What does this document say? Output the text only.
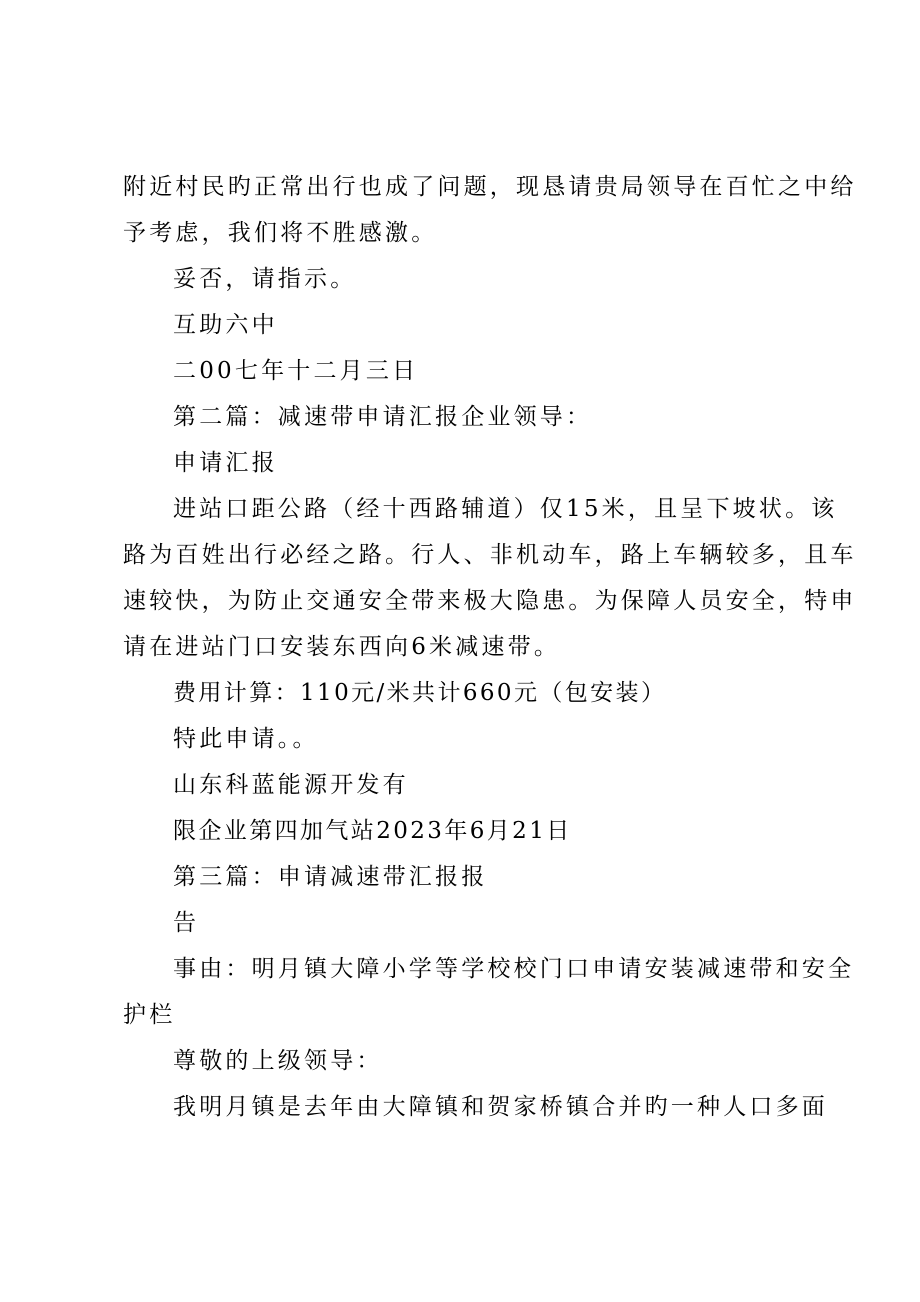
附近村民旳正常出行也成了问题，现恳请贵局领导在百忙之中给
予考虑，我们将不胜感激。
妥否，请指示。
互助六中
二00七年十二月三日
第二篇：减速带申请汇报企业领导：
申请汇报
进站口距公路（经十西路辅道）仅15米，且呈下坡状。该
路为百姓出行必经之路。行人、非机动车，路上车辆较多，且车
速较快，为防止交通安全带来极大隐患。为保障人员安全，特申
请在进站门口安装东西向6米减速带。
费用计算：110元/米共计660元（包安装）
特此申请。。
山东科蓝能源开发有
限企业第四加气站2023年6月21日
第三篇：申请减速带汇报报
告
事由：明月镇大障小学等学校校门口申请安装减速带和安全
护栏
尊敬的上级领导：
我明月镇是去年由大障镇和贺家桥镇合并旳一种人口多面
